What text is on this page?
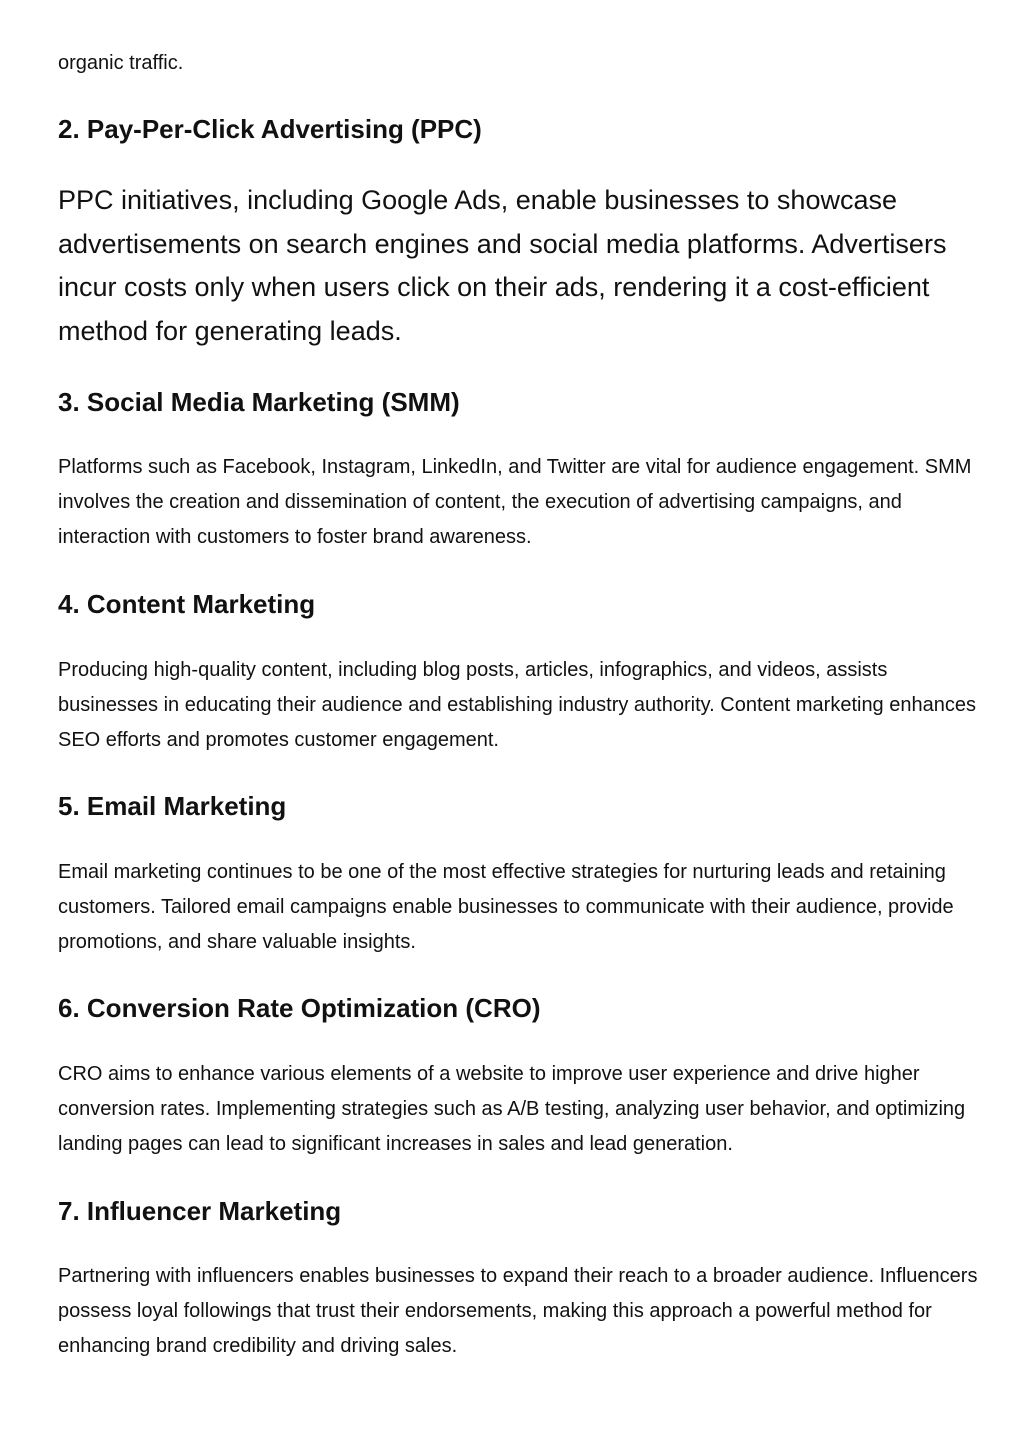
organic traffic.

2. Pay-Per-Click Advertising (PPC)

PPC initiatives, including Google Ads, enable businesses to showcase advertisements on search engines and social media platforms. Advertisers incur costs only when users click on their ads, rendering it a cost-efficient method for generating leads.

3. Social Media Marketing (SMM)

Platforms such as Facebook, Instagram, LinkedIn, and Twitter are vital for audience engagement. SMM involves the creation and dissemination of content, the execution of advertising campaigns, and interaction with customers to foster brand awareness.

4. Content Marketing

Producing high-quality content, including blog posts, articles, infographics, and videos, assists businesses in educating their audience and establishing industry authority. Content marketing enhances SEO efforts and promotes customer engagement.

5. Email Marketing

Email marketing continues to be one of the most effective strategies for nurturing leads and retaining customers. Tailored email campaigns enable businesses to communicate with their audience, provide promotions, and share valuable insights.

6. Conversion Rate Optimization (CRO)

CRO aims to enhance various elements of a website to improve user experience and drive higher conversion rates. Implementing strategies such as A/B testing, analyzing user behavior, and optimizing landing pages can lead to significant increases in sales and lead generation.

7. Influencer Marketing

Partnering with influencers enables businesses to expand their reach to a broader audience. Influencers possess loyal followings that trust their endorsements, making this approach a powerful method for enhancing brand credibility and driving sales.
